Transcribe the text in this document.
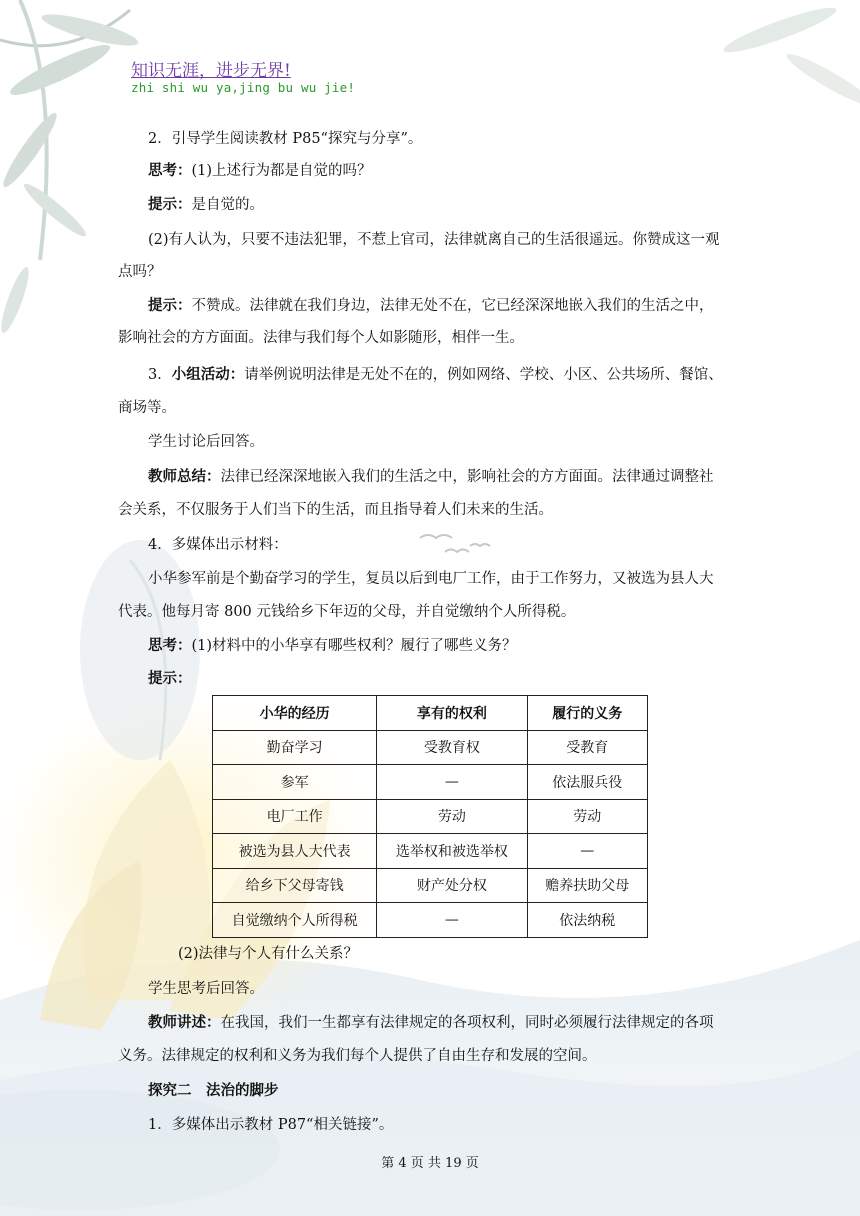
知识无涯，进步无界!
zhi shi wu ya,jing bu wu jie!
2．引导学生阅读教材 P85“探究与分享”。
思考：(1)上述行为都是自觉的吗？
提示：是自觉的。
(2)有人认为，只要不违法犯罪，不惹上官司，法律就离自己的生活很遥远。你赞成这一观
点吗？
提示：不赞成。法律就在我们身边，法律无处不在，它已经深深地嵌入我们的生活之中，
影响社会的方方面面。法律与我们每个人如影随形，相伴一生。
3．小组活动：请举例说明法律是无处不在的，例如网络、学校、小区、公共场所、餐馆、
商场等。
学生讨论后回答。
教师总结：法律已经深深地嵌入我们的生活之中，影响社会的方方面面。法律通过调整社
会关系，不仅服务于人们当下的生活，而且指导着人们未来的生活。
4．多媒体出示材料：
小华参军前是个勤奋学习的学生，复员以后到电厂工作，由于工作努力，又被选为县人大
代表。他每月寄 800 元钱给乡下年迈的父母，并自觉缴纳个人所得税。
思考：(1)材料中的小华享有哪些权利？履行了哪些义务？
提示：
小华的经历	享有的权利	履行的义务
勤奋学习	受教育权	受教育
参军	—	依法服兵役
电厂工作	劳动	劳动
被选为县人大代表	选举权和被选举权	—
给乡下父母寄钱	财产处分权	赡养扶助父母
自觉缴纳个人所得税	—	依法纳税
(2)法律与个人有什么关系？
学生思考后回答。
教师讲述：在我国，我们一生都享有法律规定的各项权利，同时必须履行法律规定的各项
义务。法律规定的权利和义务为我们每个人提供了自由生存和发展的空间。
探究二　法治的脚步
1．多媒体出示教材 P87“相关链接”。
第 4 页 共 19 页
